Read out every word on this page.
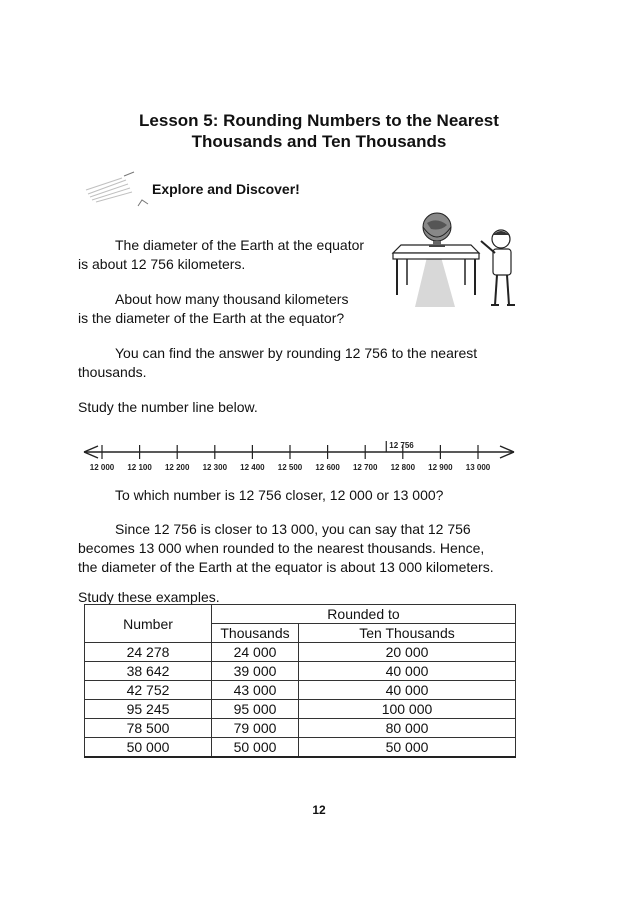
Lesson 5: Rounding Numbers to the Nearest
Thousands and Ten Thousands
Explore and Discover!
The diameter of the Earth at the equator
is about 12 756 kilometers.
About how many thousand kilometers
is the diameter of the Earth at the equator?
You can find the answer by rounding 12 756 to the nearest
thousands.
Study the number line below.
12 000 12 100 12 200 12 300 12 400 12 500 12 600 12 700 12 800 12 900 13 000
12 756
To which number is 12 756 closer, 12 000 or 13 000?
Since 12 756 is closer to 13 000, you can say that 12 756
becomes 13 000 when rounded to the nearest thousands. Hence,
the diameter of the Earth at the equator is about 13 000 kilometers.
Study these examples.
Number	Rounded to	
	Thousands	Ten Thousands
24 278	24 000	20 000
38 642	39 000	40 000
42 752	43 000	40 000
95 245	95 000	100 000
78 500	79 000	80 000
50 000	50 000	50 000
12
